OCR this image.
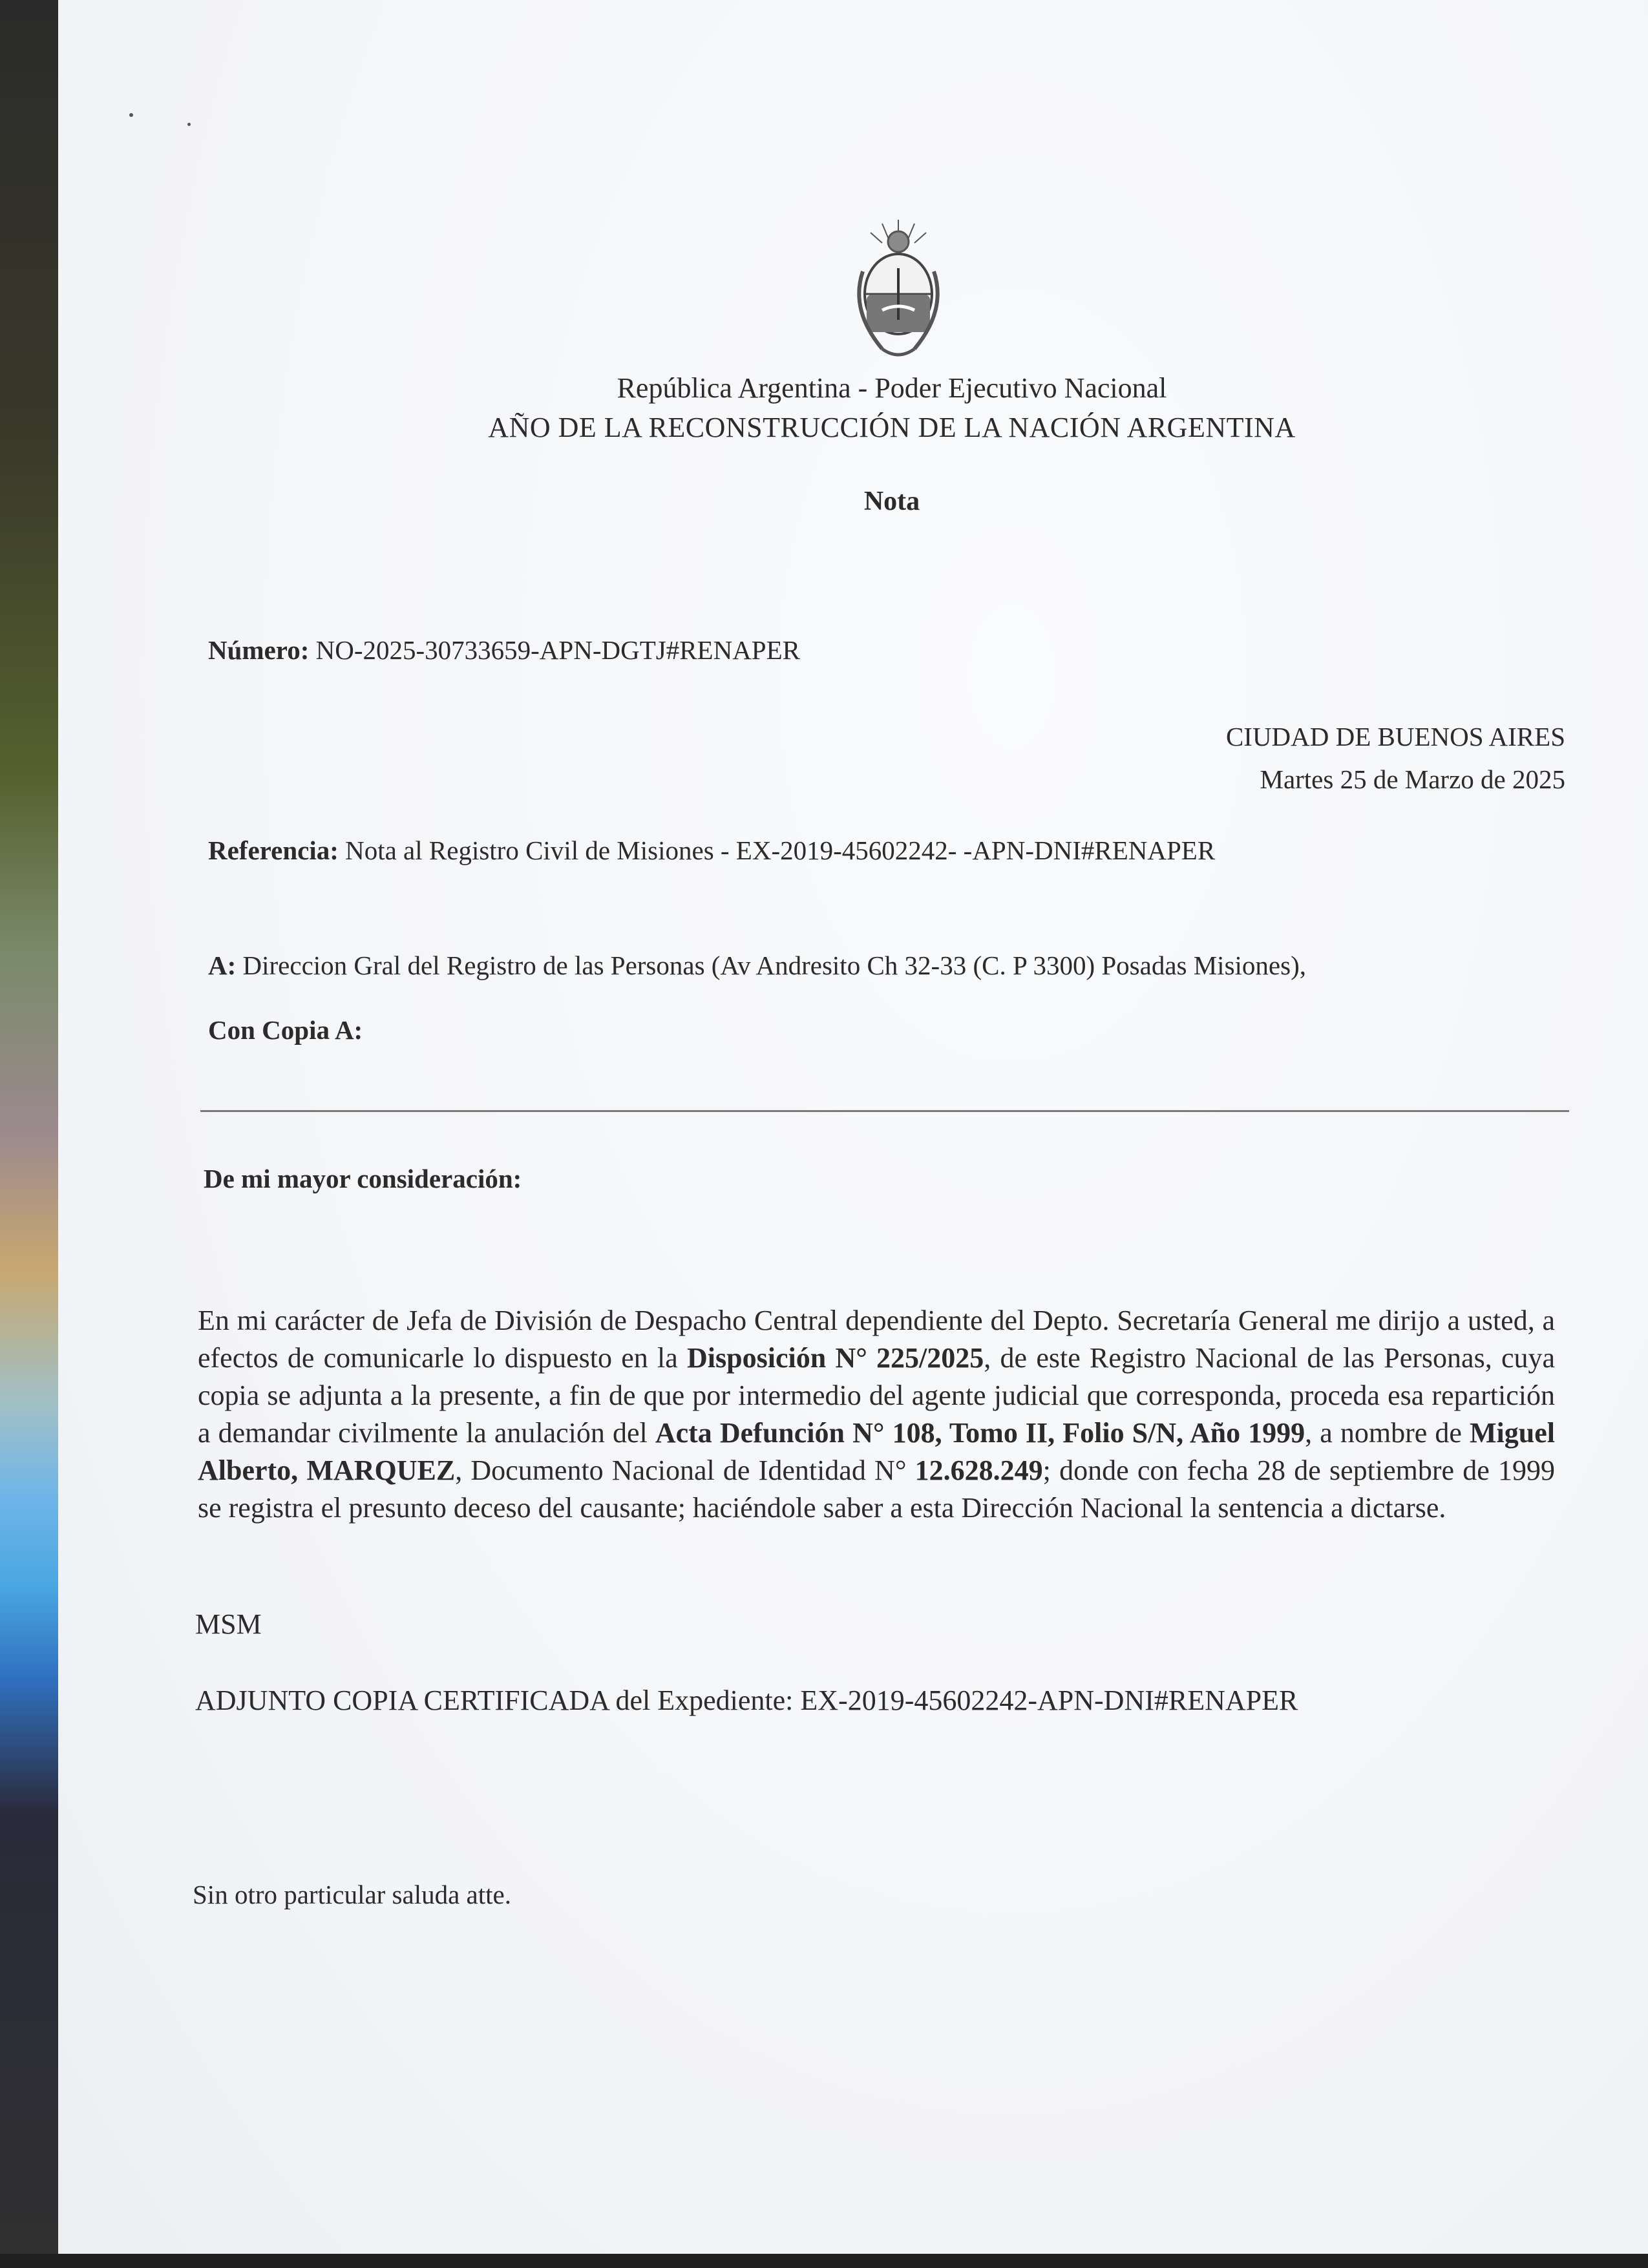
República Argentina - Poder Ejecutivo Nacional
AÑO DE LA RECONSTRUCCIÓN DE LA NACIÓN ARGENTINA
Nota
Número: NO-2025-30733659-APN-DGTJ#RENAPER
CIUDAD DE BUENOS AIRES
Martes 25 de Marzo de 2025
Referencia: Nota al Registro Civil de Misiones - EX-2019-45602242- -APN-DNI#RENAPER
A: Direccion Gral del Registro de las Personas (Av Andresito Ch 32-33 (C. P 3300) Posadas Misiones),
Con Copia A:
De mi mayor consideración:
En mi carácter de Jefa de División de Despacho Central dependiente del Depto. Secretaría General me dirijo a usted, a efectos de comunicarle lo dispuesto en la Disposición N° 225/2025, de este Registro Nacional de las Personas, cuya copia se adjunta a la presente, a fin de que por intermedio del agente judicial que corresponda, proceda esa repartición a demandar civilmente la anulación del Acta Defunción N° 108, Tomo II, Folio S/N, Año 1999, a nombre de Miguel Alberto, MARQUEZ, Documento Nacional de Identidad N° 12.628.249; donde con fecha 28 de septiembre de 1999 se registra el presunto deceso del causante; haciéndole saber a esta Dirección Nacional la sentencia a dictarse.
MSM
ADJUNTO COPIA CERTIFICADA del Expediente: EX-2019-45602242-APN-DNI#RENAPER
Sin otro particular saluda atte.
